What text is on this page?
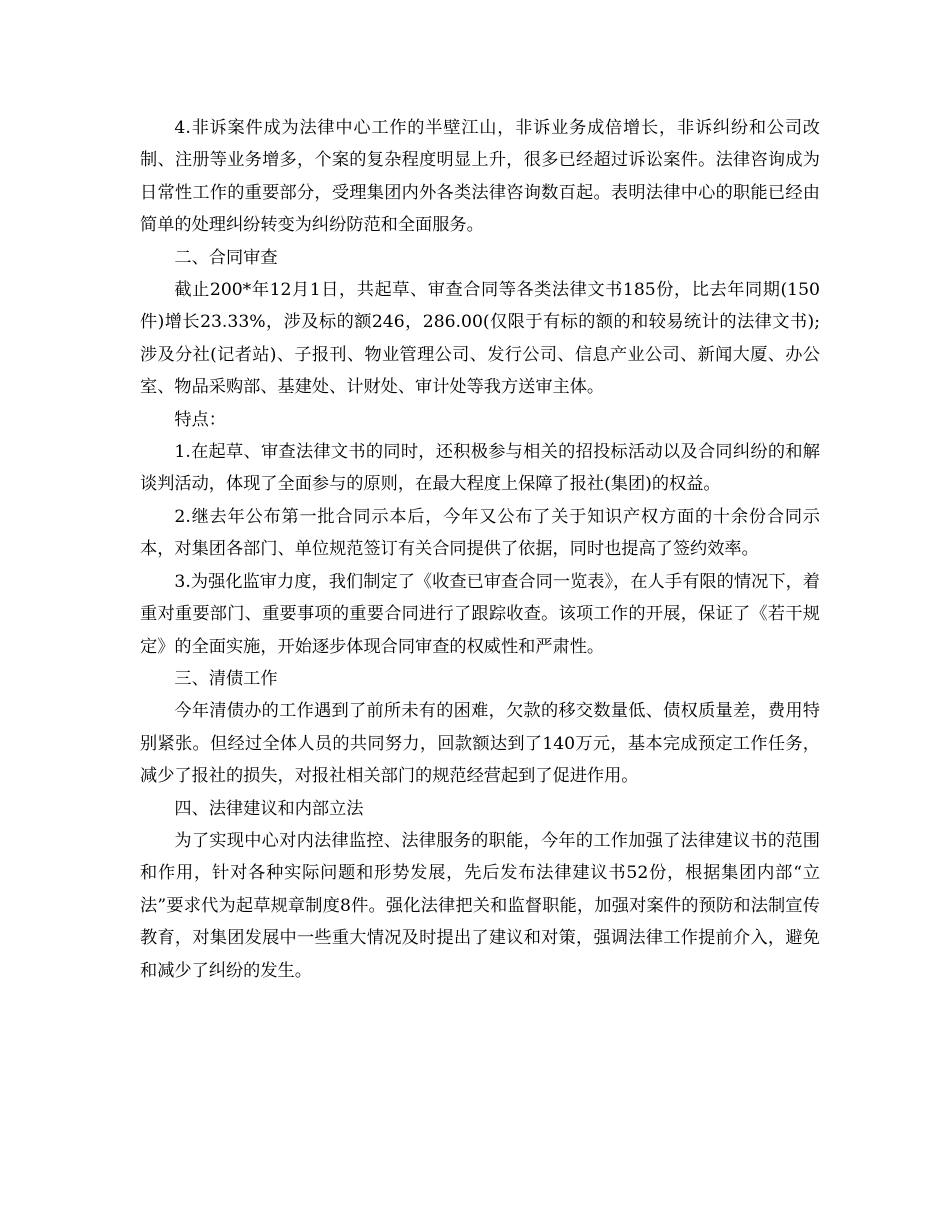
4.非诉案件成为法律中心工作的半壁江山，非诉业务成倍增长，非诉纠纷和公司改制、注册等业务增多，个案的复杂程度明显上升，很多已经超过诉讼案件。法律咨询成为日常性工作的重要部分，受理集团内外各类法律咨询数百起。表明法律中心的职能已经由简单的处理纠纷转变为纠纷防范和全面服务。

二、合同审查

截止200*年12月1日，共起草、审查合同等各类法律文书185份，比去年同期(150件)增长23.33%，涉及标的额246，286.00(仅限于有标的额的和较易统计的法律文书);涉及分社(记者站)、子报刊、物业管理公司、发行公司、信息产业公司、新闻大厦、办公室、物品采购部、基建处、计财处、审计处等我方送审主体。

特点：

1.在起草、审查法律文书的同时，还积极参与相关的招投标活动以及合同纠纷的和解谈判活动，体现了全面参与的原则，在最大程度上保障了报社(集团)的权益。

2.继去年公布第一批合同示本后，今年又公布了关于知识产权方面的十余份合同示本，对集团各部门、单位规范签订有关合同提供了依据，同时也提高了签约效率。

3.为强化监审力度，我们制定了《收查已审查合同一览表》，在人手有限的情况下，着重对重要部门、重要事项的重要合同进行了跟踪收查。该项工作的开展，保证了《若干规定》的全面实施，开始逐步体现合同审查的权威性和严肃性。

三、清债工作

今年清债办的工作遇到了前所未有的困难，欠款的移交数量低、债权质量差，费用特别紧张。但经过全体人员的共同努力，回款额达到了140万元，基本完成预定工作任务，减少了报社的损失，对报社相关部门的规范经营起到了促进作用。

四、法律建议和内部立法

为了实现中心对内法律监控、法律服务的职能，今年的工作加强了法律建议书的范围和作用，针对各种实际问题和形势发展，先后发布法律建议书52份，根据集团内部“立法”要求代为起草规章制度8件。强化法律把关和监督职能，加强对案件的预防和法制宣传教育，对集团发展中一些重大情况及时提出了建议和对策，强调法律工作提前介入，避免和减少了纠纷的发生。
